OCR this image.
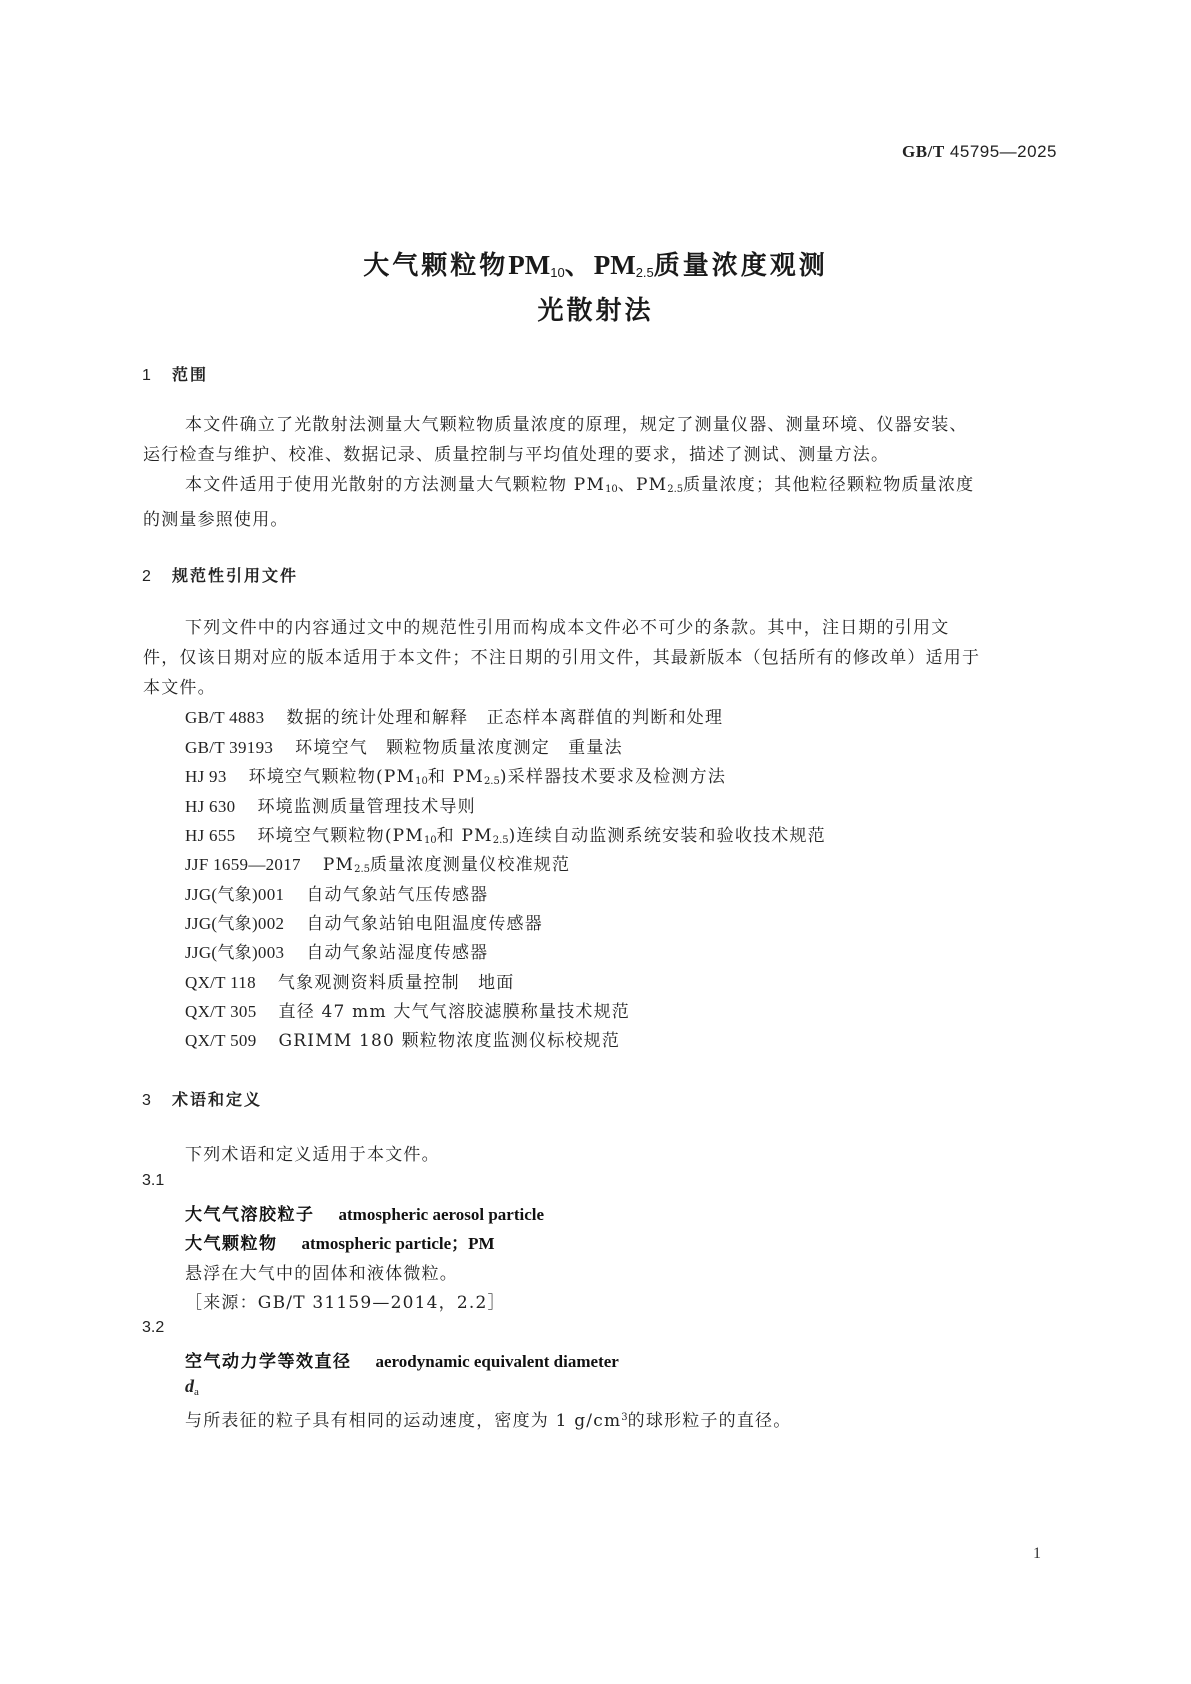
GB/T 45795—2025
大气颗粒物$PM_{10}$、$PM_{2.5}$质量浓度观测
光散射法
1 范围
本文件确立了光散射法测量大气颗粒物质量浓度的原理，规定了测量仪器、测量环境、仪器安装、
运行检查与维护、校准、数据记录、质量控制与平均值处理的要求，描述了测试、测量方法。
本文件适用于使用光散射的方法测量大气颗粒物 $PM_{10}$、$PM_{2.5}$质量浓度；其他粒径颗粒物质量浓度
的测量参照使用。
2 规范性引用文件
下列文件中的内容通过文中的规范性引用而构成本文件必不可少的条款。其中，注日期的引用文
件，仅该日期对应的版本适用于本文件；不注日期的引用文件，其最新版本（包括所有的修改单）适用于
本文件。
GB/T 4883 数据的统计处理和解释　正态样本离群值的判断和处理
GB/T 39193 环境空气　颗粒物质量浓度测定　重量法
HJ 93 环境空气颗粒物($PM_{10}$和 $PM_{2.5}$)采样器技术要求及检测方法
HJ 630 环境监测质量管理技术导则
HJ 655 环境空气颗粒物($PM_{10}$和 $PM_{2.5}$)连续自动监测系统安装和验收技术规范
JJF 1659—2017 $PM_{2.5}$质量浓度测量仪校准规范
JJG(气象)001 自动气象站气压传感器
JJG(气象)002 自动气象站铂电阻温度传感器
JJG(气象)003 自动气象站湿度传感器
QX/T 118 气象观测资料质量控制　地面
QX/T 305 直径 47 mm 大气气溶胶滤膜称量技术规范
QX/T 509 GRIMM 180 颗粒物浓度监测仪标校规范
3 术语和定义
下列术语和定义适用于本文件。
3.1
大气气溶胶粒子 atmospheric aerosol particle
大气颗粒物 atmospheric particle；PM
悬浮在大气中的固体和液体微粒。
［来源：GB/T 31159—2014，2.2］
3.2
空气动力学等效直径 aerodynamic equivalent diameter
$d_a$
与所表征的粒子具有相同的运动速度，密度为 1 $g/cm^3$的球形粒子的直径。
1
